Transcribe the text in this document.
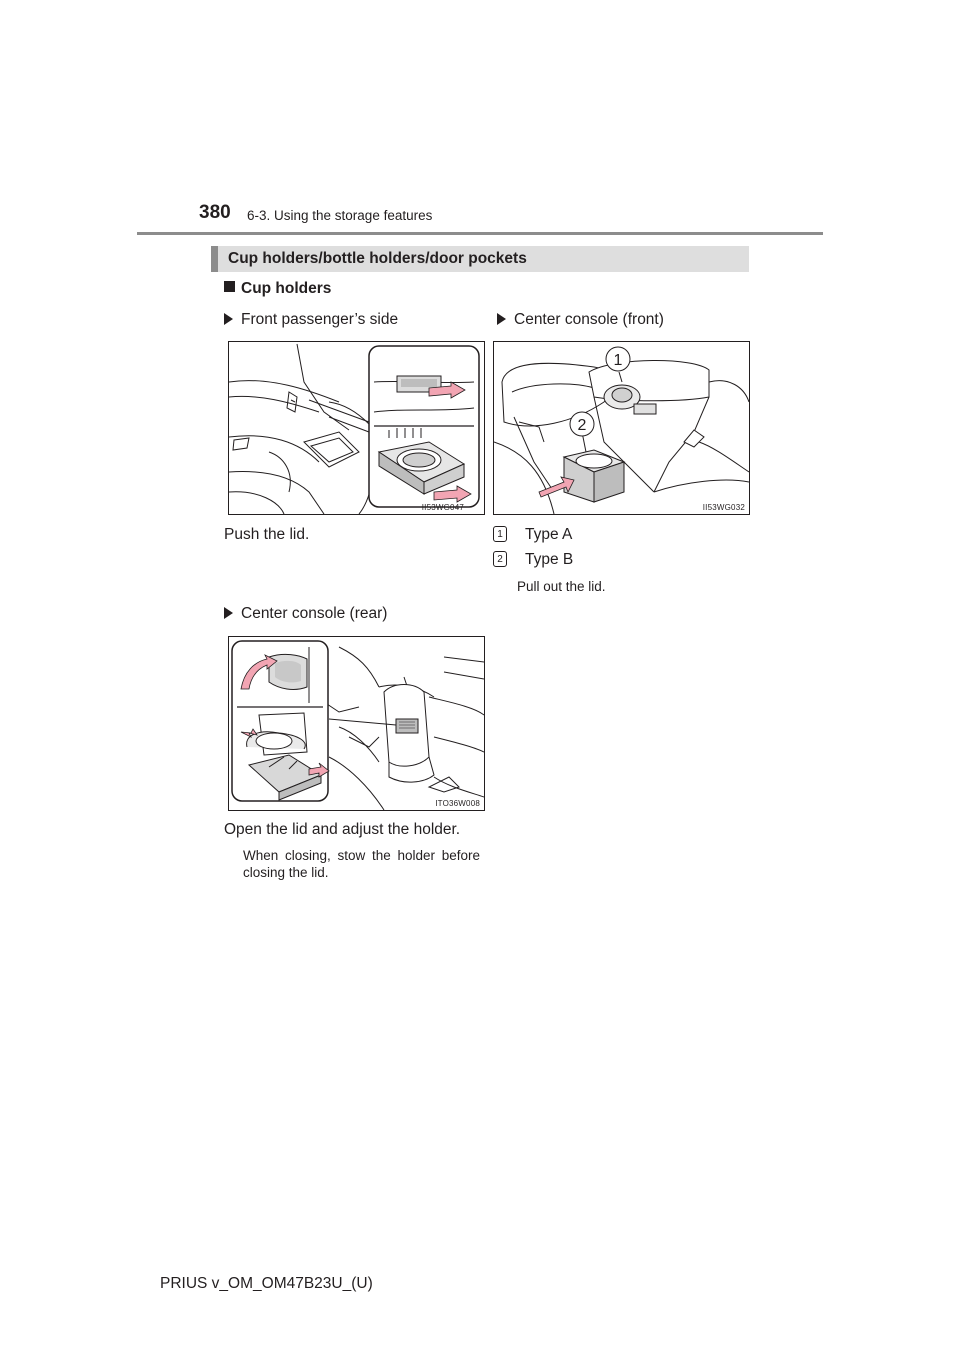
380 6-3. Using the storage features
Cup holders/bottle holders/door pockets
Cup holders
Front passenger’s side
II53WG047
Push the lid.
Center console (front)
1
2
II53WG032
1 Type A
2 Type B
Pull out the lid.
Center console (rear)
ITO36W008
Open the lid and adjust the holder.
When closing, stow the holder before closing the lid.
PRIUS v_OM_OM47B23U_(U)
